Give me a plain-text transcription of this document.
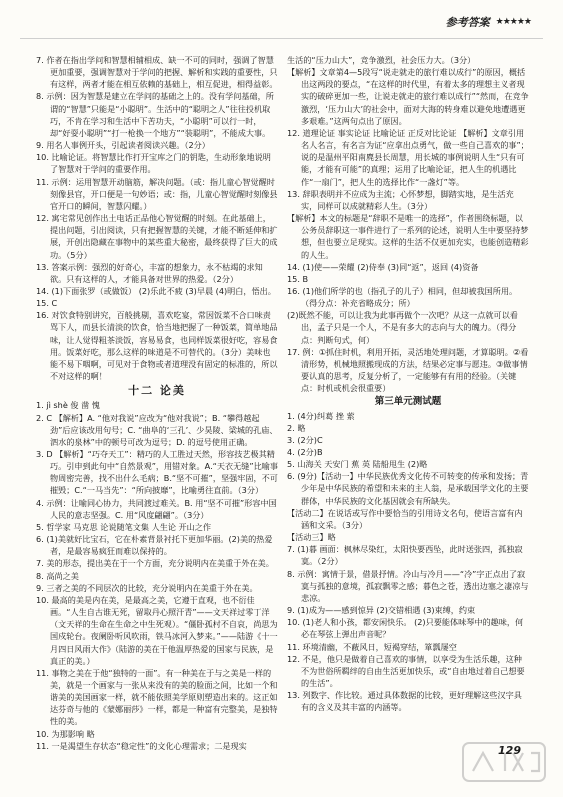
参考答案 ★★★★★

7. 作者在指出学问和智慧相辅相成、缺一不可的同时，强调了智慧更加重要，强调智慧对于学问的把握、解析和实践的重要性，只有这样，两者才能在相互依赖的基础上，相互促进，相得益彰。

8. 示例：因为智慧是建立在学问的基础之上的。没有学问基础，所谓的“智慧”只能是“小聪明”。生活中的“聪明之人”往往投机取巧，不肯在学习和生活中下苦功夫，“小聪明”可以行一时，却“好耍小聪明”“打一枪换一个地方”“装聪明”，不能成大事。

9. 用名人事例开头，引起读者阅读兴趣。（2分）

10. 比喻论证。将智慧比作打开宝库之门的钥匙，生动形象地说明了智慧对于学问的重要作用。

11. 示例：运用智慧开动脑筋，解决问题。（或：指儿童心智觉醒时刻像县官，开口便是一句妙语；或：指，儿童心智觉醒时刻像县官开口的瞬间，智慧闪耀。）

12. 寓宅常见创作出土电话正品他心智觉醒的时刻。在此基础上，提出问题，引出阅读，只有把握智慧的关键，才能不断延伸和扩展，开创出隐藏在事物中的某些重大秘密，最终获得了巨大的成功。（5分）

13. 答案示例：强烈的好奇心，丰富的想象力，永不枯竭的求知欲。只有这样的人，才能具备对世界的热爱。（2分）

14. (1)下面张罗（或做饭） (2)乐此不疲 (3)早晨 (4)明白，悟出。

15. C

16. 对饮食特别讲究，百般挑剔，喜欢吃宴，常因饭菜不合口味责骂下人，而县长清淡的饮食，恰当地把握了一种饭菜，简单地品味，让人觉得粗茶淡饭，容易易食，也同样饭菜很好吃，容易食用。饭菜好吃，那么这样的味道是不可替代的。（3分）美味也能不易下咽啊，可见对于食物或者道理没有固定的标准的，所以不对这样的啊！

十二 论美

1. jì shè 俊 凿 愧

2. C 【解析】A. “他对我说”应改为“他对我说”；B. “攀得越起劲”后应该改用句号；C. “曲阜的‘三孔’、少昊陵、梁城的孔庙、泗水的泉林”中的顿号可改为逗号；D. 的逗号使用正确。

3. D 【解析】“巧夺天工”：精巧的人工胜过天然，形容技艺极其精巧。引申到此句中“自然景观”，用错对象。A.“天衣无缝”比喻事物周密完善，找不出什么毛病；B.“坚不可摧”，坚强牢固，不可摧毁；C.“一马当先”：“所向披靡”，比喻勇往直前。（3分）

4. 示例：让喻同心协力，共同渡过难关。B. 用“坚不可摧”形容中国人民的意志坚强。C. 用“风度翩翩”。（3分）

5. 哲学家 马克思 论说随笔文集 人生论 开山之作

6. (1)美就好比宝石，它在朴素背景衬托下更加华丽。(2)美的热爱者，是最容易疯狂而难以保持的。

7. 美的形态，提出美在于一个方面，充分说明内在美重于外在美。

8. 高尚之美

9. 三者之美的不同层次的比较，充分说明内在美重于外在美。

10. 最高的美是内在美，是最高之美，它遵于直观，也不衍佳画。“人生自古谁无死，留取丹心照汗青”——文天祥过零丁洋（文天祥的生命在生命之中生死观）。“僵卧孤村不自哀，尚思为国戍轮台。夜阑卧听风吹雨，铁马冰河入梦来。”——陆游《十一月四日风雨大作》（陆游的美在于他温厚热爱的国家与民族，是真正的美。）

11. 事物之美在于他“独特的一面”。有一种美在于与之美是一样的美，就是一个画家与一张从来没有的美的脸面之间，比如一个和谐美的美国画家一样，就不能依照美学原则塑造出来的。这正如达芬奇与他的《蒙娜丽莎》一样，都是一种富有完整美，是独特性的美。

10. 为那影响 略

11. 一是渴望生存状态“稳定性”的文化心理需求；二是现实

生活的“压力山大”，竞争激烈，社会压力大。（3分）

【解析】文章第4—5段写“说走就走的旅行难以成行”的原因，概括出这两段的要点，“在这样的时代里，有着太多的理想主义者现实的破碎更加一些，让说走就走的旅行难以成行”“然而，在竞争激烈，‘压力山大’的社会中，面对大海的转身难以避免地遭遇更多艰难。”这两句点出了原因。

12. 道理论证 事实论证 比喻论证 正反对比论证 【解析】文章引用名人名言，有名言为证“应拿出点勇气，做一些自己喜欢的事”；说的是温州平阳南麂县长周慧，用长城的事例说明人生“只有可能，才能有可能”的真理；运用了比喻论证，把人生的机遇比作“一扇门”，把人生的选择比作“一盏灯”等。

13. 辞职表明并不应成为主流；心怀梦想，脚踏实地，是生活充实，同样可以成就精彩人生。（3分）

【解析】本文的标题是“辞职不是唯一的选择”，作者围绕标题，以公务员辞职这一事件进行了一系列的论述，说明人生中要坚持梦想，但也要立足现实。这样的生活不仅更加充实，也能创造精彩的人生。

14. (1)使——荣耀 (2)侍奉 (3)同“返”，返回 (4)资备

15. B

16. (1)他们所学的也（指孔子的儿子）相同，但却被我国所用。（得分点：补充省略成分；所）

(2)既然不能，可以让我为此事再做个一次吧？从这一点就可以看出，孟子只是一个人，不是有多大的志向与大的魄力。（得分点：判断句式，何）

17. 例：①抓住时机，利用开拓，灵活地处理问题，才算聪明。②看清形势，机械地照搬现成的方法，结果必定事与愿违。③做事情要认真的思考，反复分析了，一定能够有有用的经验。（关键点：时机或机会很重要）

第三单元测试题

1. (4分)纠葛 挫 萦

2. 略

3. (2分)C

4. (2分)B

5. 山海关 天安门 蕉 英 陆船甩生 (2)略

6. (9分)【活动一】中华民族优秀文化传不可转变的传承和发扬；青少年是中华民族的希望和未来的主人翁，是承载国学文化的主要群体，中华民族的文化基因就会有所缺失。

【活动二】在说话或写作中要恰当的引用诗文名句，使语言富有内涵和文采。（3分）

【活动三】略

7. (1)暮 画面：枫林尽染红，太阳快要西坠，此时送张四，孤独寂寞。（2分）

8. 示例：寓情于景，借景抒情。冷山与冷月——“冷”字正点出了寂寞与孤独的意境，孤寂飘零之感；暮色之苍，透出边塞之凄凉与悲凉。

9. (1)成为——感到惊异 (2)交错相遇 (3)束缚，约束

10. (1)老人和小孩，都安闲快乐。 (2)只要能体味琴中的趣味，何必在琴弦上弹出声音呢？

11. 环境清幽，不蔽风日，短褐穿结，箪瓢屡空

12. 不是，他只是做着自己喜欢的事情，以享受为生活乐趣，这种不为世俗所羁绊的自由生活更加快乐，或“自由地过着自己想要的生活”。

13. 列数字、作比较。通过具体数据的比较，更好理解这些汉字具有的含义及其丰富的内涵等。

129
